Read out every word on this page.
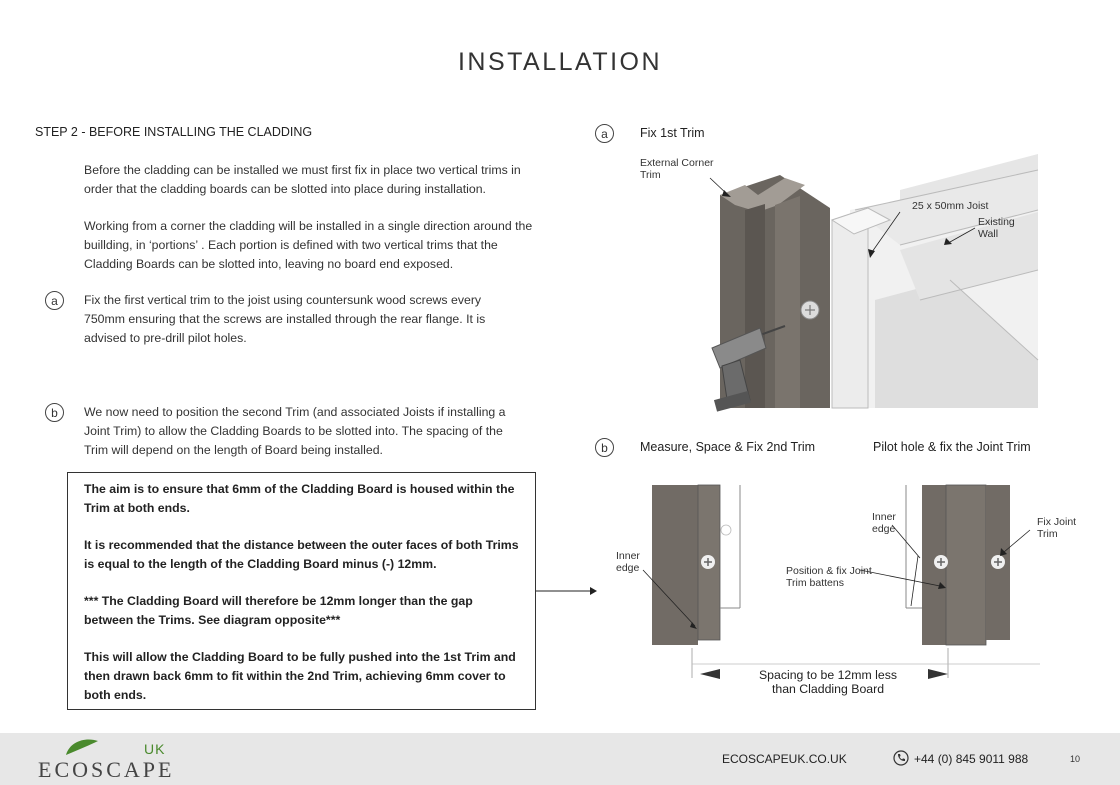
INSTALLATION
STEP 2 - BEFORE INSTALLING THE CLADDING
Before the cladding can be installed we must first fix in place two vertical trims in order that the cladding boards can be slotted into place during installation.
Working from a corner the cladding will be installed in a single direction around the buillding, in ‘portions’ . Each portion is defined with two vertical trims that the Cladding Boards can be slotted into, leaving no board end exposed.
a	Fix the first vertical trim to the joist using countersunk wood screws every 750mm ensuring that the screws are installed through the rear flange. It is advised to pre-drill pilot holes.
b	We now need to position the second Trim (and associated Joists if installing a Joint Trim) to allow the Cladding Boards to be slotted into. The spacing of the Trim will depend on the length of Board being installed.

The aim is to ensure that 6mm of the Cladding Board is housed within the Trim at both ends.

It is recommended that the distance between the outer faces of both Trims is equal to the length of the Cladding Board minus (-) 12mm.

*** The Cladding Board will therefore be 12mm longer than the gap between the Trims. See diagram opposite***

This will allow the Cladding Board to be fully pushed into the 1st Trim and then drawn back 6mm to fit within the 2nd Trim, achieving 6mm cover to both ends.

a	Fix 1st Trim
External Corner
Trim
25 x 50mm Joist
Existing
Wall
b	Measure, Space & Fix 2nd Trim	Pilot hole & fix the Joint Trim
Inner
edge
Inner
edge
Position & fix Joint
Trim battens
Fix Joint
Trim
Spacing to be 12mm less
than Cladding Board
UK
ECOSCAPE	ECOSCAPEUK.CO.UK	+44 (0) 845 9011 988	10
